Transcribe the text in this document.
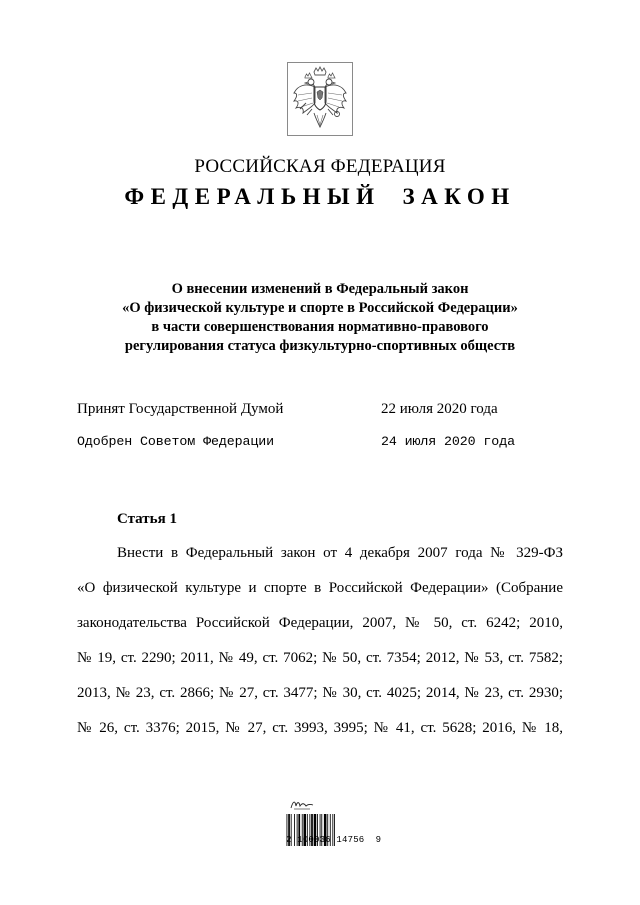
РОССИЙСКАЯ ФЕДЕРАЦИЯ
ФЕДЕРАЛЬНЫЙ ЗАКОН
О внесении изменений в Федеральный закон
«О физической культуре и спорте в Российской Федерации»
в части совершенствования нормативно-правового
регулирования статуса физкультурно-спортивных обществ
Принят Государственной Думой	22 июля 2020 года
Одобрен Советом Федерации	24 июля 2020 года
Статья 1
Внести в Федеральный закон от 4 декабря 2007 года № 329-ФЗ
«О физической культуре и спорте в Российской Федерации» (Собрание
законодательства Российской Федерации, 2007, № 50, ст. 6242; 2010,
№ 19, ст. 2290; 2011, № 49, ст. 7062; № 50, ст. 7354; 2012, № 53, ст. 7582;
2013, № 23, ст. 2866; № 27, ст. 3477; № 30, ст. 4025; 2014, № 23, ст. 2930;
№ 26, ст. 3376; 2015, № 27, ст. 3993, 3995; № 41, ст. 5628; 2016, № 18,
2 100036 14756  9
